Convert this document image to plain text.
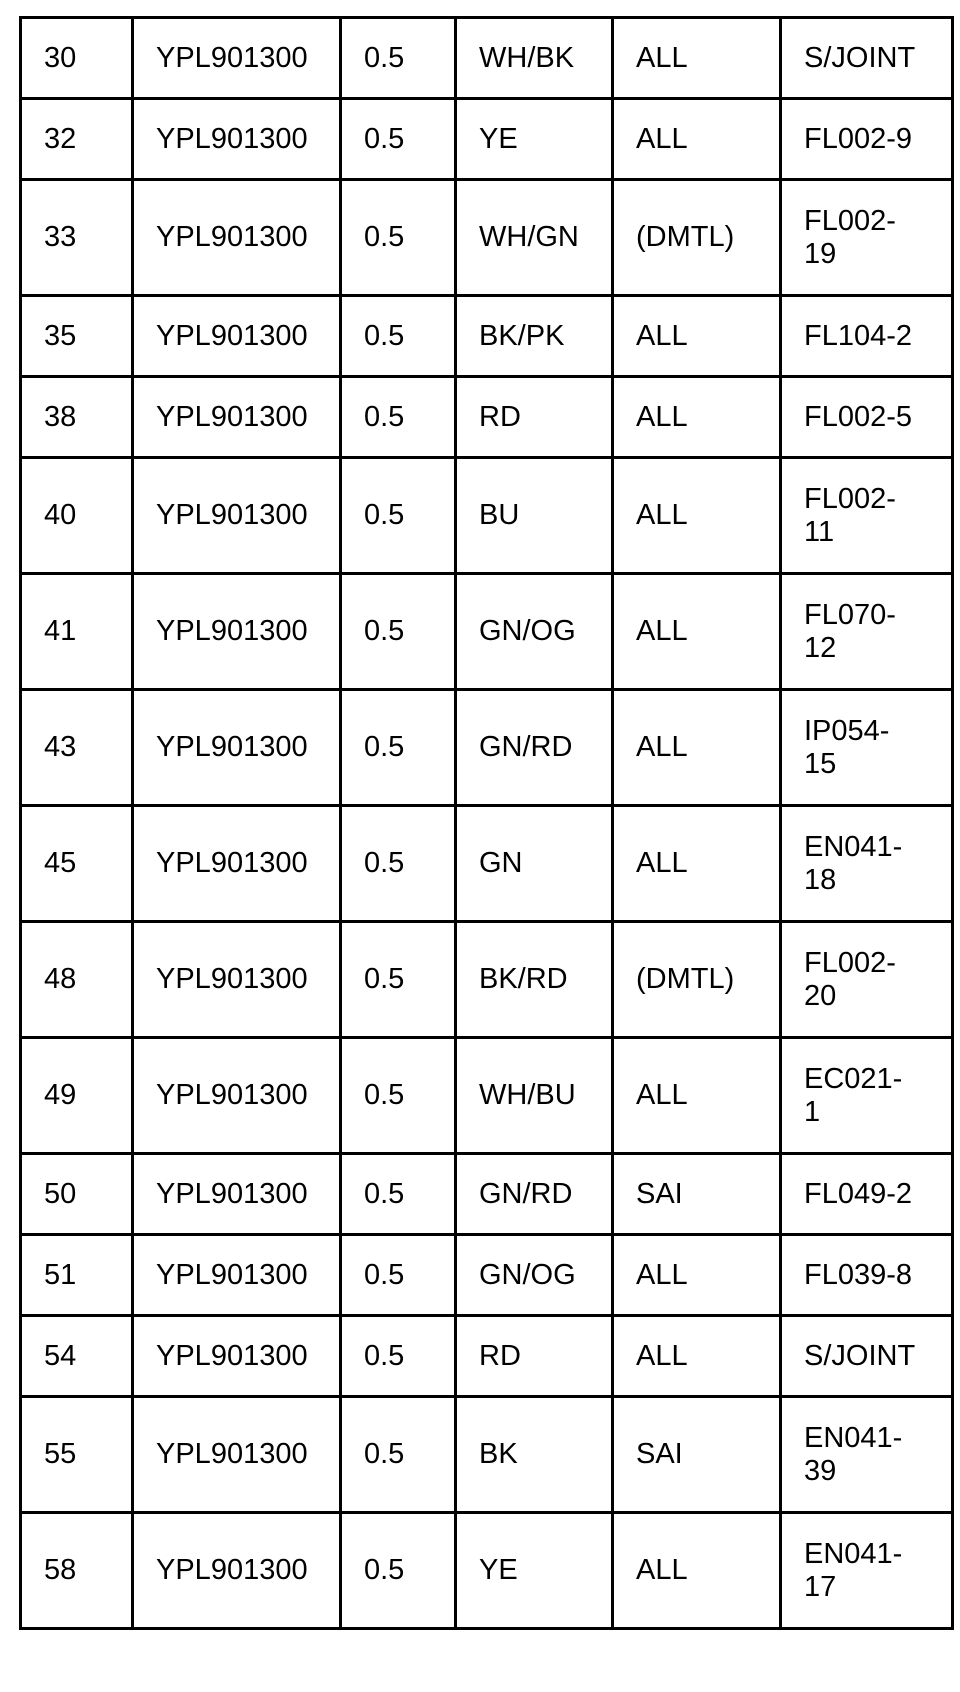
30	YPL901300	0.5	WH/BK	ALL	S/JOINT
32	YPL901300	0.5	YE	ALL	FL002-9
33	YPL901300	0.5	WH/GN	(DMTL)	FL002-
19
35	YPL901300	0.5	BK/PK	ALL	FL104-2
38	YPL901300	0.5	RD	ALL	FL002-5
40	YPL901300	0.5	BU	ALL	FL002-
11
41	YPL901300	0.5	GN/OG	ALL	FL070-
12
43	YPL901300	0.5	GN/RD	ALL	IP054-
15
45	YPL901300	0.5	GN	ALL	EN041-
18
48	YPL901300	0.5	BK/RD	(DMTL)	FL002-
20
49	YPL901300	0.5	WH/BU	ALL	EC021-
1
50	YPL901300	0.5	GN/RD	SAI	FL049-2
51	YPL901300	0.5	GN/OG	ALL	FL039-8
54	YPL901300	0.5	RD	ALL	S/JOINT
55	YPL901300	0.5	BK	SAI	EN041-
39
58	YPL901300	0.5	YE	ALL	EN041-
17
